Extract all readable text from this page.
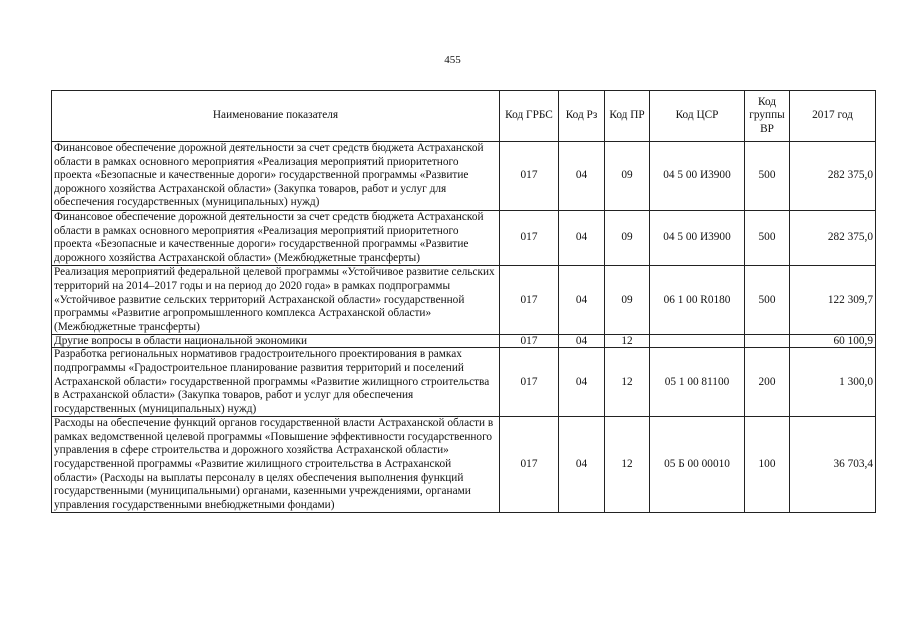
455
Наименование показателя	Код ГРБС	Код Рз	Код ПР	Код ЦСР	Код группы ВР	2017 год
Финансовое обеспечение дорожной деятельности за счет средств бюджета Астраханской области в рамках основного мероприятия «Реализация мероприятий приоритетного проекта «Безопасные и качественные дороги» государственной программы «Развитие дорожного хозяйства Астраханской области» (Закупка товаров, работ и услуг для обеспечения государственных (муниципальных) нужд)	017	04	09	04 5 00 И3900	500	282 375,0
Финансовое обеспечение дорожной деятельности за счет средств бюджета Астраханской области в рамках основного мероприятия «Реализация мероприятий приоритетного проекта «Безопасные и качественные дороги» государственной программы «Развитие дорожного хозяйства Астраханской области» (Межбюджетные трансферты)	017	04	09	04 5 00 И3900	500	282 375,0
Реализация мероприятий федеральной целевой программы «Устойчивое развитие сельских территорий на 2014–2017 годы и на период до 2020 года» в рамках подпрограммы «Устойчивое развитие сельских территорий Астраханской области» государственной программы «Развитие агропромышленного комплекса Астраханской области» (Межбюджетные трансферты)	017	04	09	06 1 00 R0180	500	122 309,7
Другие вопросы в области национальной экономики	017	04	12			60 100,9
Разработка региональных нормативов градостроительного проектирования в рамках подпрограммы «Градостроительное планирование развития территорий и поселений Астраханской области» государственной программы «Развитие жилищного строительства в Астраханской области» (Закупка товаров, работ и услуг для обеспечения государственных (муниципальных) нужд)	017	04	12	05 1 00 81100	200	1 300,0
Расходы на обеспечение функций органов государственной власти Астраханской области в рамках ведомственной целевой программы «Повышение эффективности государственного управления в сфере строительства и дорожного хозяйства Астраханской области» государственной программы «Развитие жилищного строительства в Астраханской области» (Расходы на выплаты персоналу в целях обеспечения выполнения функций государственными (муниципальными) органами, казенными учреждениями, органами управления государственными внебюджетными фондами)	017	04	12	05 Б 00 00010	100	36 703,4
